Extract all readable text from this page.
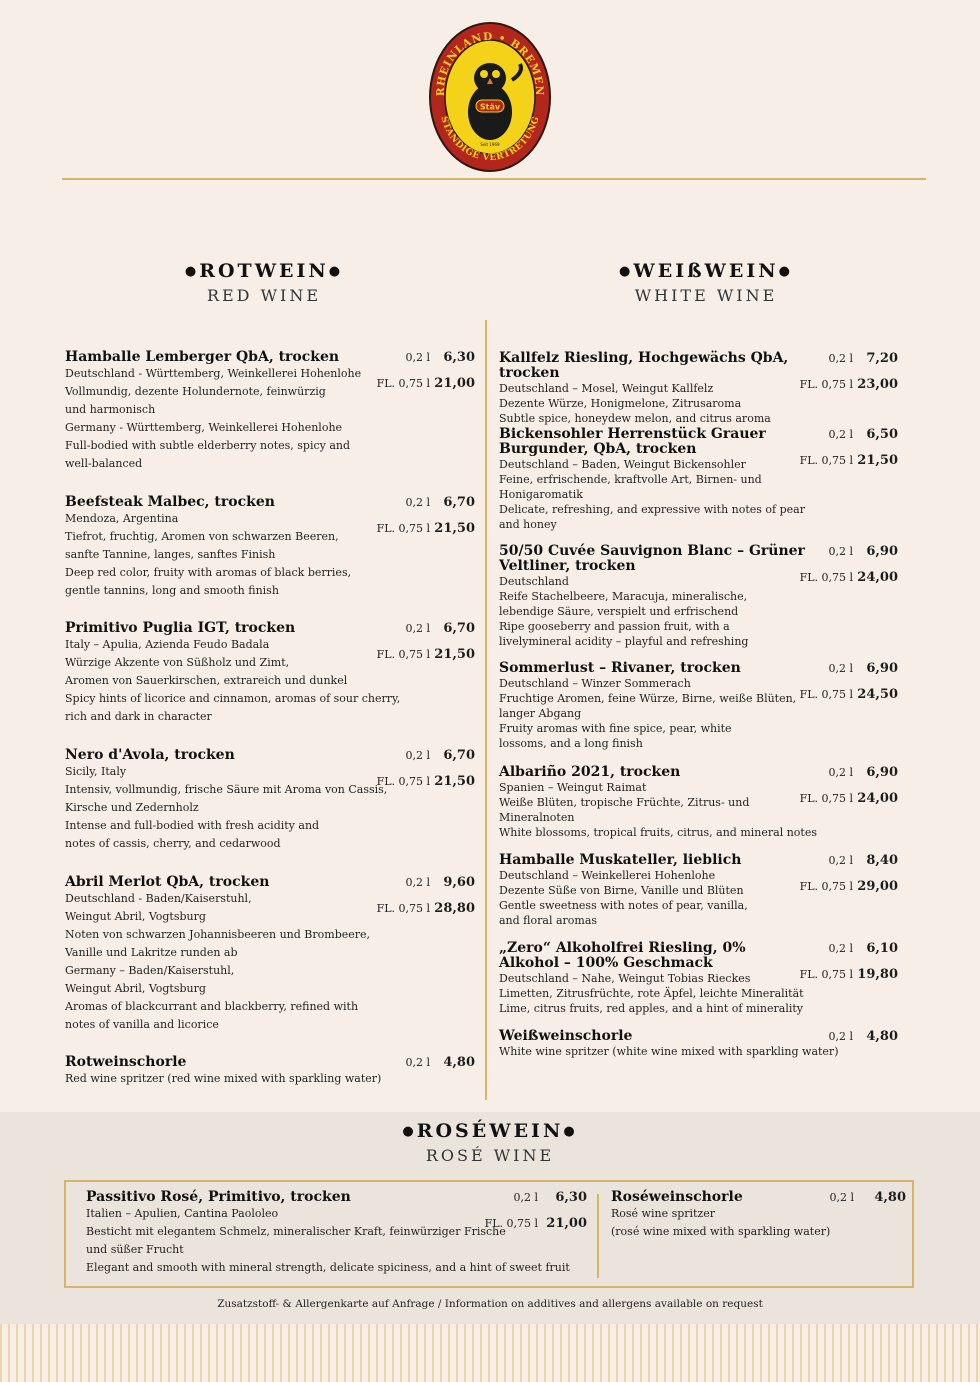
RHEINLAND • BREMEN
STÄNDIGE VERTRETUNG
Stäv
Seit 1969
●ROTWEIN●
RED WINE
●WEIßWEIN●
WHITE WINE
Hamballe Lemberger QbA, trocken
Deutschland - Württemberg, Weinkellerei Hohenlohe
Vollmundig, dezente Holundernote, feinwürzig
und harmonisch
Germany - Württemberg, Weinkellerei Hohenlohe
Full-bodied with subtle elderberry notes, spicy and
well-balanced
0,2 l	6,30
FL. 0,75 l 21,00
Beefsteak Malbec, trocken
Mendoza, Argentina
Tiefrot, fruchtig, Aromen von schwarzen Beeren,
sanfte Tannine, langes, sanftes Finish
Deep red color, fruity with aromas of black berries,
gentle tannins, long and smooth finish
0,2 l	6,70
FL. 0,75 l 21,50
Primitivo Puglia IGT, trocken
Italy – Apulia, Azienda Feudo Badala
Würzige Akzente von Süßholz und Zimt,
Aromen von Sauerkirschen, extrareich und dunkel
Spicy hints of licorice and cinnamon, aromas of sour cherry,
rich and dark in character
0,2 l	6,70
FL. 0,75 l 21,50
Nero d'Avola, trocken
Sicily, Italy
Intensiv, vollmundig, frische Säure mit Aroma von Cassis,
Kirsche und Zedernholz
Intense and full-bodied with fresh acidity and
notes of cassis, cherry, and cedarwood
0,2 l	6,70
FL. 0,75 l 21,50
Abril Merlot QbA, trocken
Deutschland - Baden/Kaiserstuhl,
Weingut Abril, Vogtsburg
Noten von schwarzen Johannisbeeren und Brombeere,
Vanille und Lakritze runden ab
Germany – Baden/Kaiserstuhl,
Weingut Abril, Vogtsburg
Aromas of blackcurrant and blackberry, refined with
notes of vanilla and licorice
0,2 l	9,60
FL. 0,75 l 28,80
Rotweinschorle
Red wine spritzer (red wine mixed with sparkling water)
0,2 l	4,80
Kallfelz Riesling, Hochgewächs QbA, trocken
Deutschland – Mosel, Weingut Kallfelz
Dezente Würze, Honigmelone, Zitrusaroma
Subtle spice, honeydew melon, and citrus aroma
0,2 l	7,20
FL. 0,75 l 23,00
Bickensohler Herrenstück Grauer Burgunder, QbA, trocken
Deutschland – Baden, Weingut Bickensohler
Feine, erfrischende, kraftvolle Art, Birnen- und
Honigaromatik
Delicate, refreshing, and expressive with notes of pear
and honey
0,2 l	6,50
FL. 0,75 l 21,50
50/50 Cuvée Sauvignon Blanc – Grüner Veltliner, trocken
Deutschland
Reife Stachelbeere, Maracuja, mineralische,
lebendige Säure, verspielt und erfrischend
Ripe gooseberry and passion fruit, with a
livelymineral acidity – playful and refreshing
0,2 l	6,90
FL. 0,75 l 24,00
Sommerlust – Rivaner, trocken
Deutschland – Winzer Sommerach
Fruchtige Aromen, feine Würze, Birne, weiße Blüten,
langer Abgang
Fruity aromas with fine spice, pear, white
lossoms, and a long finish
0,2 l	6,90
FL. 0,75 l 24,50
Albariño 2021, trocken
Spanien – Weingut Raimat
Weiße Blüten, tropische Früchte, Zitrus- und
Mineralnoten
White blossoms, tropical fruits, citrus, and mineral notes
0,2 l	6,90
FL. 0,75 l 24,00
Hamballe Muskateller, lieblich
Deutschland – Weinkellerei Hohenlohe
Dezente Süße von Birne, Vanille und Blüten
Gentle sweetness with notes of pear, vanilla,
and floral aromas
0,2 l	8,40
FL. 0,75 l 29,00
„Zero“ Alkoholfrei Riesling, 0% Alkohol – 100% Geschmack
Deutschland – Nahe, Weingut Tobias Rieckes
Limetten, Zitrusfrüchte, rote Äpfel, leichte Mineralität
Lime, citrus fruits, red apples, and a hint of minerality
0,2 l	6,10
FL. 0,75 l 19,80
Weißweinschorle
White wine spritzer (white wine mixed with sparkling water)
0,2 l	4,80
●ROSÉWEIN●
ROSÉ WINE
Passitivo Rosé, Primitivo, trocken
Italien – Apulien, Cantina Paololeo
Besticht mit elegantem Schmelz, mineralischer Kraft, feinwürziger Frische
und süßer Frucht
Elegant and smooth with mineral strength, delicate spiciness, and a hint of sweet fruit
0,2 l	6,30
FL. 0,75 l 21,00
Roséweinschorle
Rosé wine spritzer
(rosé wine mixed with sparkling water)
0,2 l	4,80
Zusatzstoff- & Allergenkarte auf Anfrage / Information on additives and allergens available on request
